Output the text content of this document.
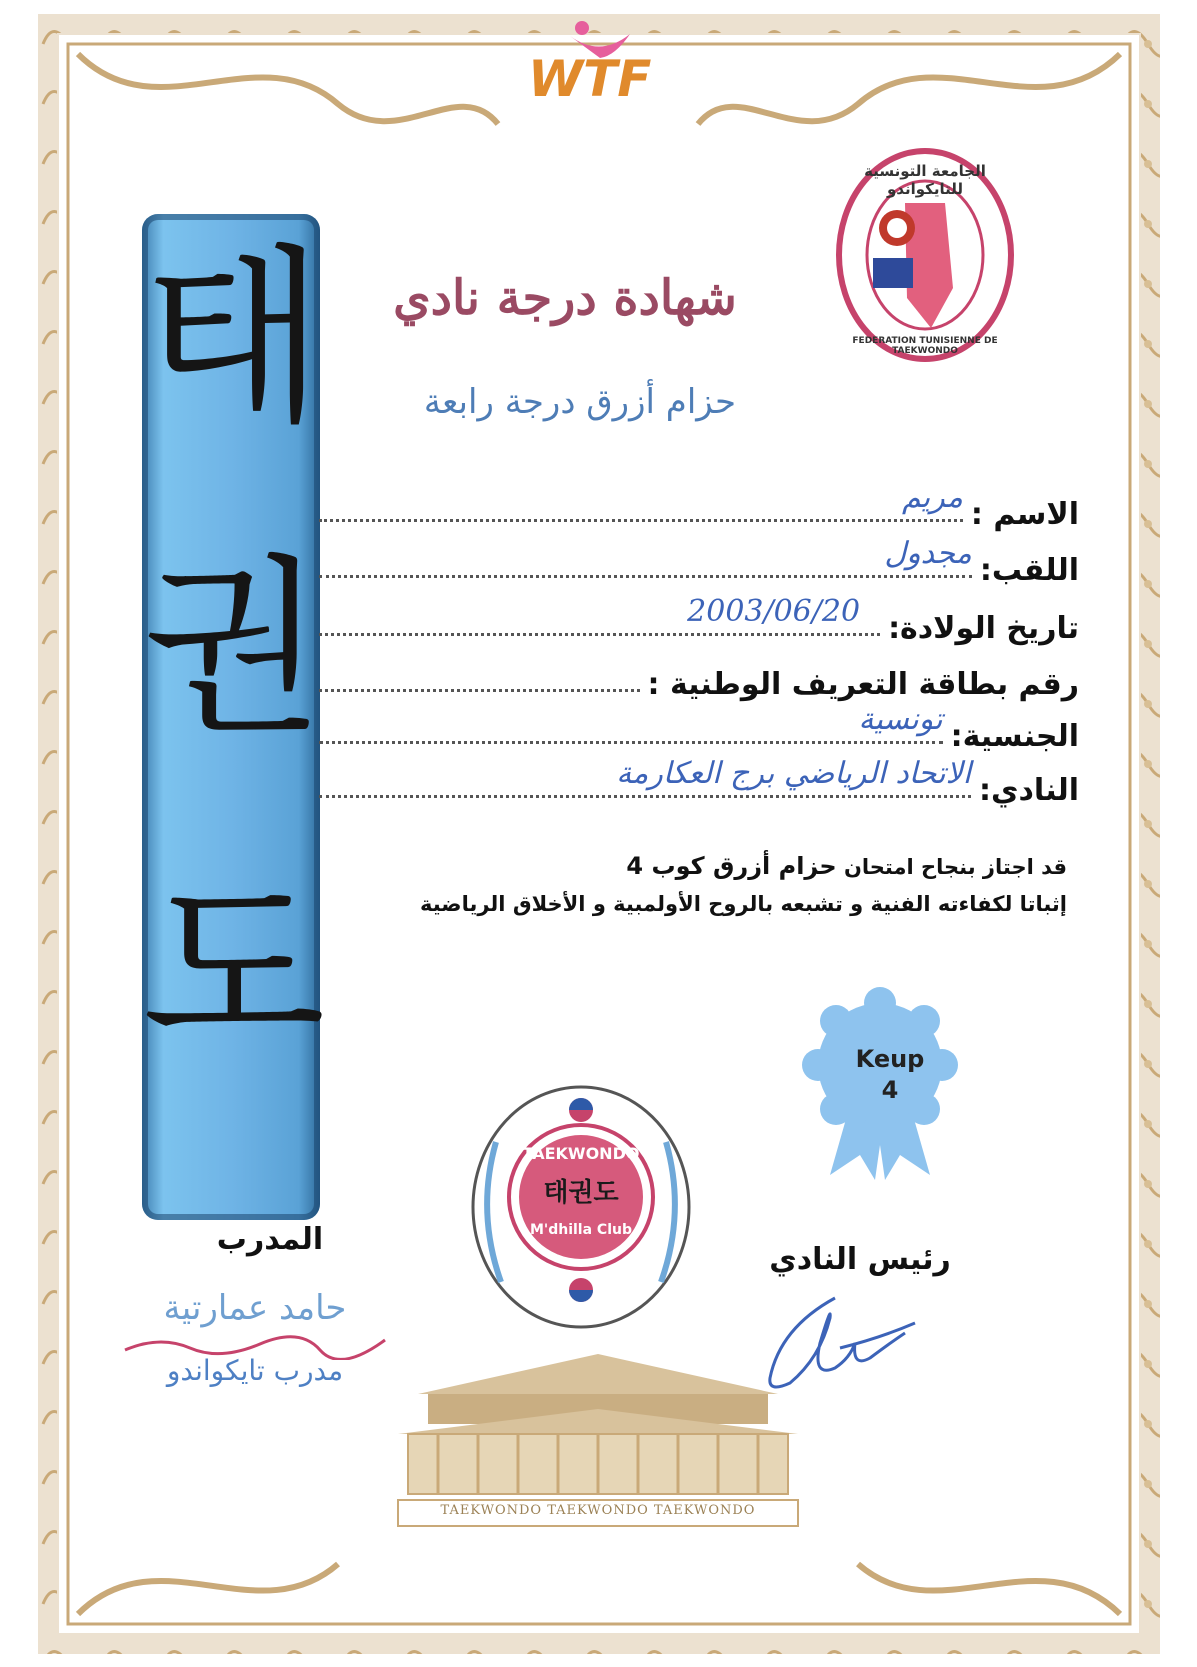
TAEKWONDO TAEKWONDO TAEKWONDO
WTF
الجامعة التونسية للتايكواندو
FEDERATION TUNISIENNE DE TAEKWONDO
태
권
도
شهادة درجة نادي
حزام أزرق درجة رابعة
الاسم :
مريم
اللقب:
مجدول
تاريخ الولادة:
2003/06/20
رقم بطاقة التعريف الوطنية :
الجنسية:
تونسية
النادي:
الاتحاد الرياضي برج العكارمة
قد اجتاز بنجاح امتحان حزام أزرق كوب 4
إثباتا لكفاءته الفنية و تشبعه بالروح الأولمبية و الأخلاق الرياضية
Keup
4
TAEKWONDO
태권도
M'dhilla Club
المدرب
حامد عمارتية
مدرب تايكواندو
رئيس النادي
